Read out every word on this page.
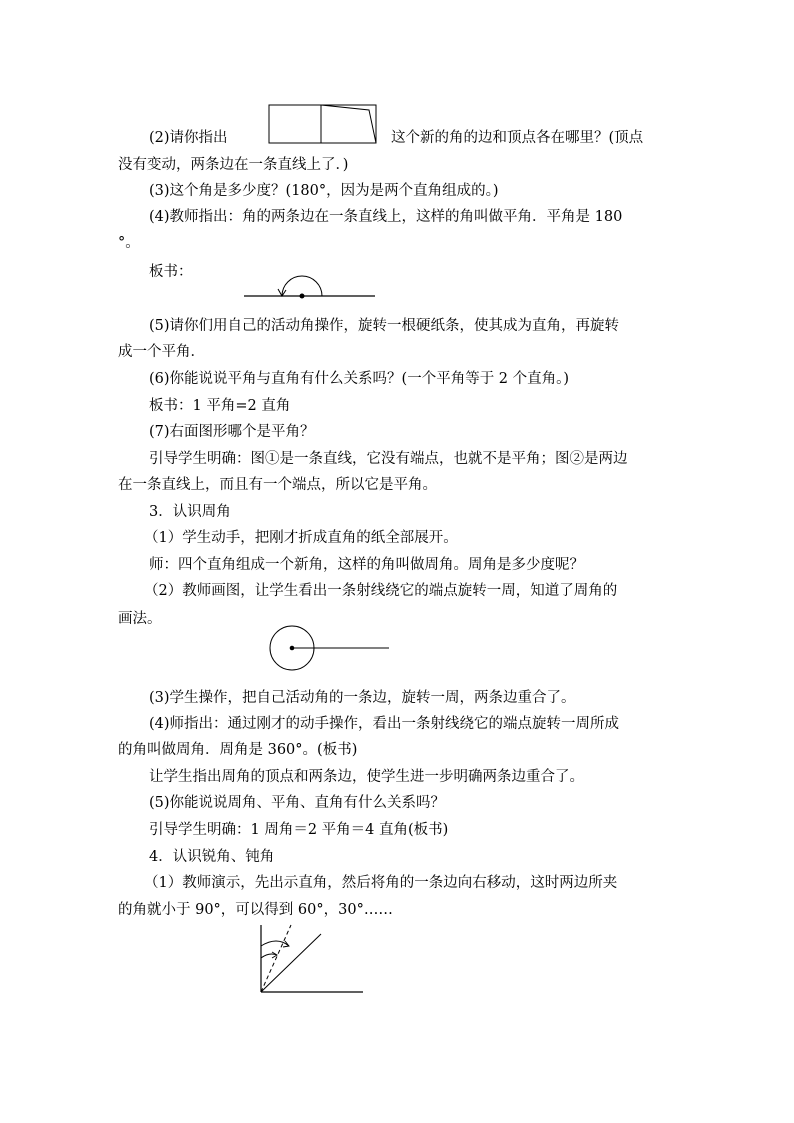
(2)请你指出	这个新的角的边和顶点各在哪里？(顶点
没有变动，两条边在一条直线上了．)
(3)这个角是多少度？(180°，因为是两个直角组成的。)
(4)教师指出：角的两条边在一条直线上，这样的角叫做平角．平角是 180
°。
板书：
(5)请你们用自己的活动角操作，旋转一根硬纸条，使其成为直角，再旋转
成一个平角．
(6)你能说说平角与直角有什么关系吗？(一个平角等于 2 个直角。)
板书：1 平角=2 直角
(7)右面图形哪个是平角？
引导学生明确：图①是一条直线，它没有端点，也就不是平角；图②是两边
在一条直线上，而且有一个端点，所以它是平角。
3．认识周角
（1）学生动手，把刚才折成直角的纸全部展开。
师：四个直角组成一个新角，这样的角叫做周角。周角是多少度呢？
（2）教师画图，让学生看出一条射线绕它的端点旋转一周，知道了周角的
画法。
(3)学生操作，把自己活动角的一条边，旋转一周，两条边重合了。
(4)师指出：通过刚才的动手操作，看出一条射线绕它的端点旋转一周所成
的角叫做周角．周角是 360°。(板书)
让学生指出周角的顶点和两条边，使学生进一步明确两条边重合了。
(5)你能说说周角、平角、直角有什么关系吗？
引导学生明确：1 周角＝2 平角＝4 直角(板书)
4．认识锐角、钝角
（1）教师演示，先出示直角，然后将角的一条边向右移动，这时两边所夹
的角就小于 90°，可以得到 60°，30°……
